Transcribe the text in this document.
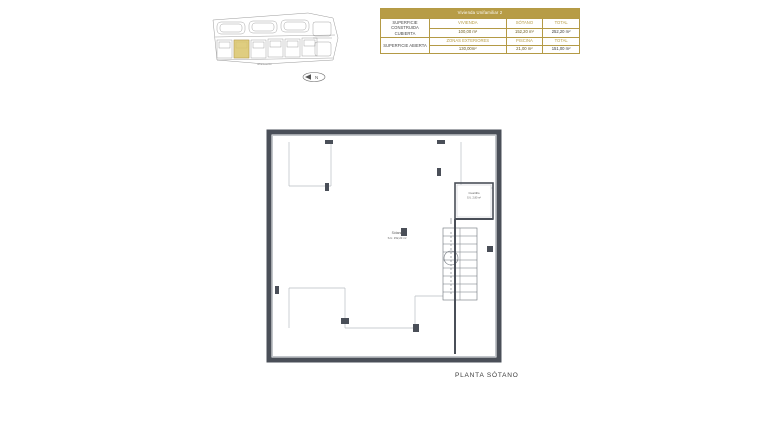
urbanización
N
Vivienda Unifamiliar 2			
SUPERFICIE CONSTRUIDA CUBIERTA	VIVIENDA	SÓTANO	TOTAL
	100,00 m²	152,20 m²	252,20 m²
SUPERFICIE ABIERTA	ZONAS EXTERIORES	PISCINA	TOTAL
	130,00m²	21,00 m²	151,00 m²
Sótano
S.U. 152,20 m²
Cuartillo
S.U. 2,80 m²
PLANTA SÓTANO
